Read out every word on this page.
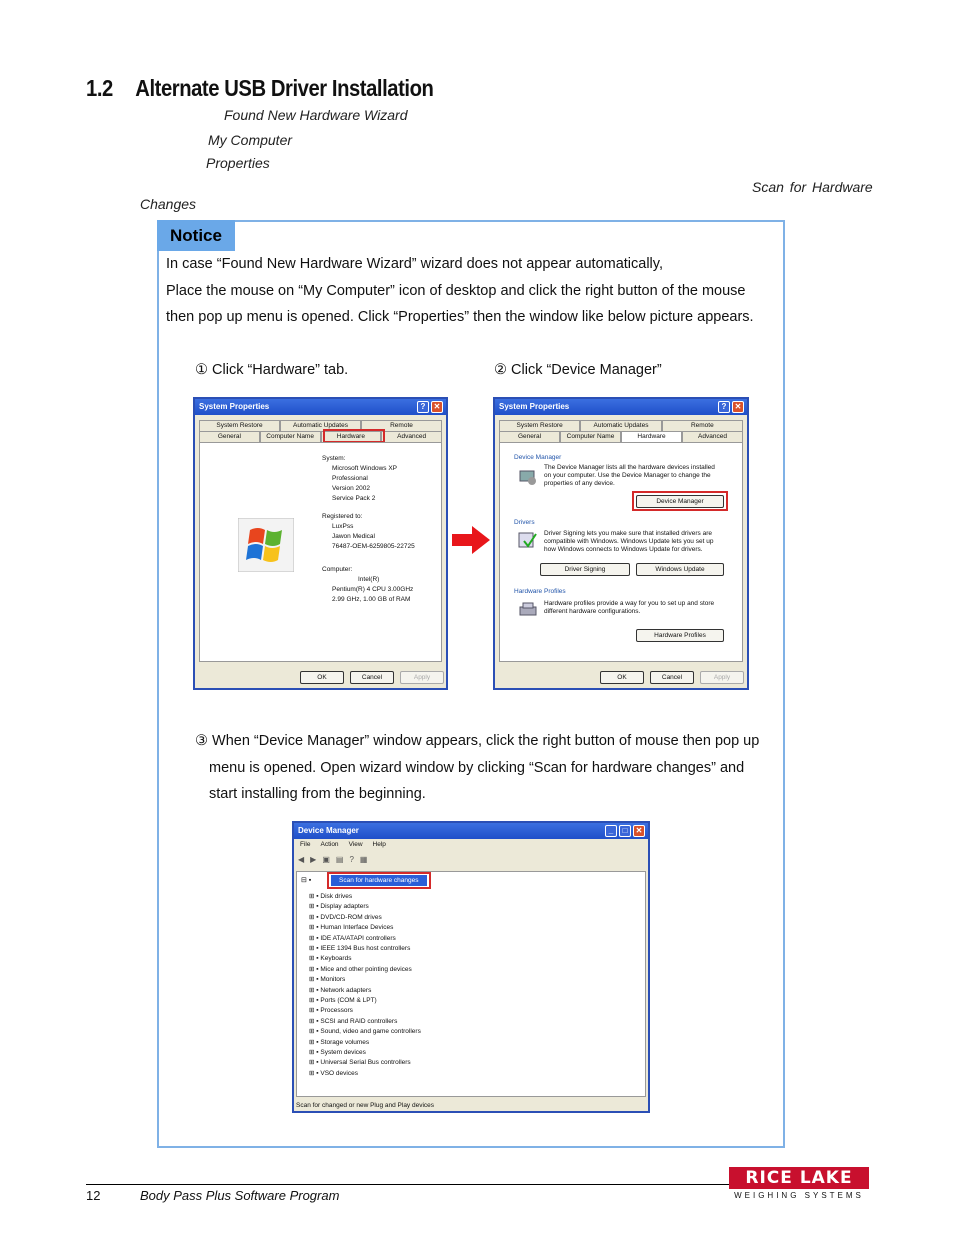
1.2 Alternate USB Driver Installation
Found New Hardware Wizard
My Computer
Properties
Scan for Hardware
Changes
Notice
In case “Found New Hardware Wizard” wizard does not appear automatically,
Place the mouse on “My Computer” icon of desktop and click the right button of the mouse
then pop up menu is opened. Click “Properties” then the window like below picture appears.
① Click “Hardware” tab.	② Click “Device Manager”
System Properties	?	✕
System Restore	Automatic Updates	Remote
General	Computer Name	Hardware	Advanced
System:
Microsoft Windows XP
Professional
Version 2002
Service Pack 2
Registered to:
LuxPss
Jawon Medical
76487-OEM-6259805-22725
Computer:
Intel(R)
Pentium(R) 4 CPU 3.00GHz
2.99 GHz, 1.00 GB of RAM
OK	Cancel	Apply
System Properties	?	✕
System Restore	Automatic Updates	Remote
General	Computer Name	Hardware	Advanced
Device Manager
The Device Manager lists all the hardware devices installed
on your computer. Use the Device Manager to change the
properties of any device.
Device Manager
Drivers
Driver Signing lets you make sure that installed drivers are
compatible with Windows. Windows Update lets you set up
how Windows connects to Windows Update for drivers.
Driver Signing	Windows Update
Hardware Profiles
Hardware profiles provide a way for you to set up and store
different hardware configurations.
Hardware Profiles
OK	Cancel	Apply
③ When “Device Manager” window appears, click the right button of mouse then pop up
menu is opened. Open wizard window by clicking “Scan for hardware changes” and
start installing from the beginning.
Device Manager	_	□	✕
File Action View Help
◀ ▶ ▣ ▤ ? ▦
⊟ ▪	Scan for hardware changes
⊞ ▪ Disk drives
⊞ ▪ Display adapters
⊞ ▪ DVD/CD-ROM drives
⊞ ▪ Human Interface Devices
⊞ ▪ IDE ATA/ATAPI controllers
⊞ ▪ IEEE 1394 Bus host controllers
⊞ ▪ Keyboards
⊞ ▪ Mice and other pointing devices
⊞ ▪ Monitors
⊞ ▪ Network adapters
⊞ ▪ Ports (COM & LPT)
⊞ ▪ Processors
⊞ ▪ SCSI and RAID controllers
⊞ ▪ Sound, video and game controllers
⊞ ▪ Storage volumes
⊞ ▪ System devices
⊞ ▪ Universal Serial Bus controllers
⊞ ▪ VSO devices
Scan for changed or new Plug and Play devices
12	Body Pass Plus Software Program
RICE LAKE
WEIGHING SYSTEMS
